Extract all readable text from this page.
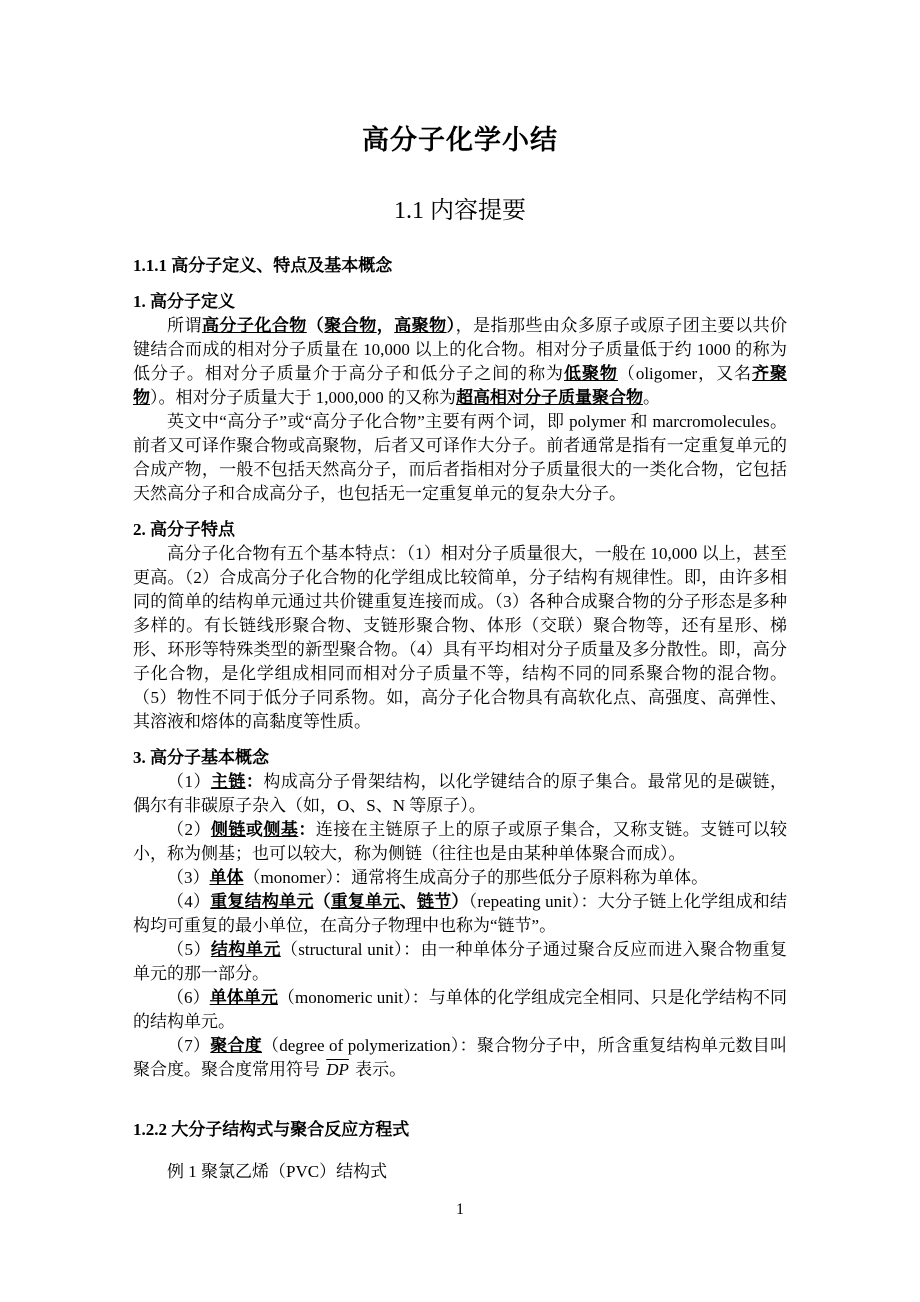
高分子化学小结
1.1 内容提要
1.1.1 高分子定义、特点及基本概念
1. 高分子定义

所谓高分子化合物（聚合物，高聚物），是指那些由众多原子或原子团主要以共价键结合而成的相对分子质量在 10,000 以上的化合物。相对分子质量低于约 1000 的称为低分子。相对分子质量介于高分子和低分子之间的称为低聚物（oligomer，又名齐聚物）。相对分子质量大于 1,000,000 的又称为超高相对分子质量聚合物。

英文中“高分子”或“高分子化合物”主要有两个词，即 polymer 和 marcromolecules。前者又可译作聚合物或高聚物，后者又可译作大分子。前者通常是指有一定重复单元的合成产物，一般不包括天然高分子，而后者指相对分子质量很大的一类化合物，它包括天然高分子和合成高分子，也包括无一定重复单元的复杂大分子。

2. 高分子特点

高分子化合物有五个基本特点：（1）相对分子质量很大，一般在 10,000 以上，甚至更高。（2）合成高分子化合物的化学组成比较简单，分子结构有规律性。即，由许多相同的简单的结构单元通过共价键重复连接而成。（3）各种合成聚合物的分子形态是多种多样的。有长链线形聚合物、支链形聚合物、体形（交联）聚合物等，还有星形、梯形、环形等特殊类型的新型聚合物。（4）具有平均相对分子质量及多分散性。即，高分子化合物，是化学组成相同而相对分子质量不等，结构不同的同系聚合物的混合物。（5）物性不同于低分子同系物。如，高分子化合物具有高软化点、高强度、高弹性、其溶液和熔体的高黏度等性质。

3. 高分子基本概念

（1）主链：构成高分子骨架结构，以化学键结合的原子集合。最常见的是碳链，偶尔有非碳原子杂入（如，O、S、N 等原子）。

（2）侧链或侧基：连接在主链原子上的原子或原子集合，又称支链。支链可以较小，称为侧基；也可以较大，称为侧链（往往也是由某种单体聚合而成）。

（3）单体（monomer）：通常将生成高分子的那些低分子原料称为单体。

（4）重复结构单元（重复单元、链节）（repeating unit）：大分子链上化学组成和结构均可重复的最小单位，在高分子物理中也称为“链节”。

（5）结构单元（structural unit）：由一种单体分子通过聚合反应而进入聚合物重复单元的那一部分。

（6）单体单元（monomeric unit）：与单体的化学组成完全相同、只是化学结构不同的结构单元。

（7）聚合度（degree of polymerization）：聚合物分子中，所含重复结构单元数目叫聚合度。聚合度常用符号 $\overline{DP}$ 表示。

1.2.2 大分子结构式与聚合反应方程式

例 1 聚氯乙烯（PVC）结构式

1
